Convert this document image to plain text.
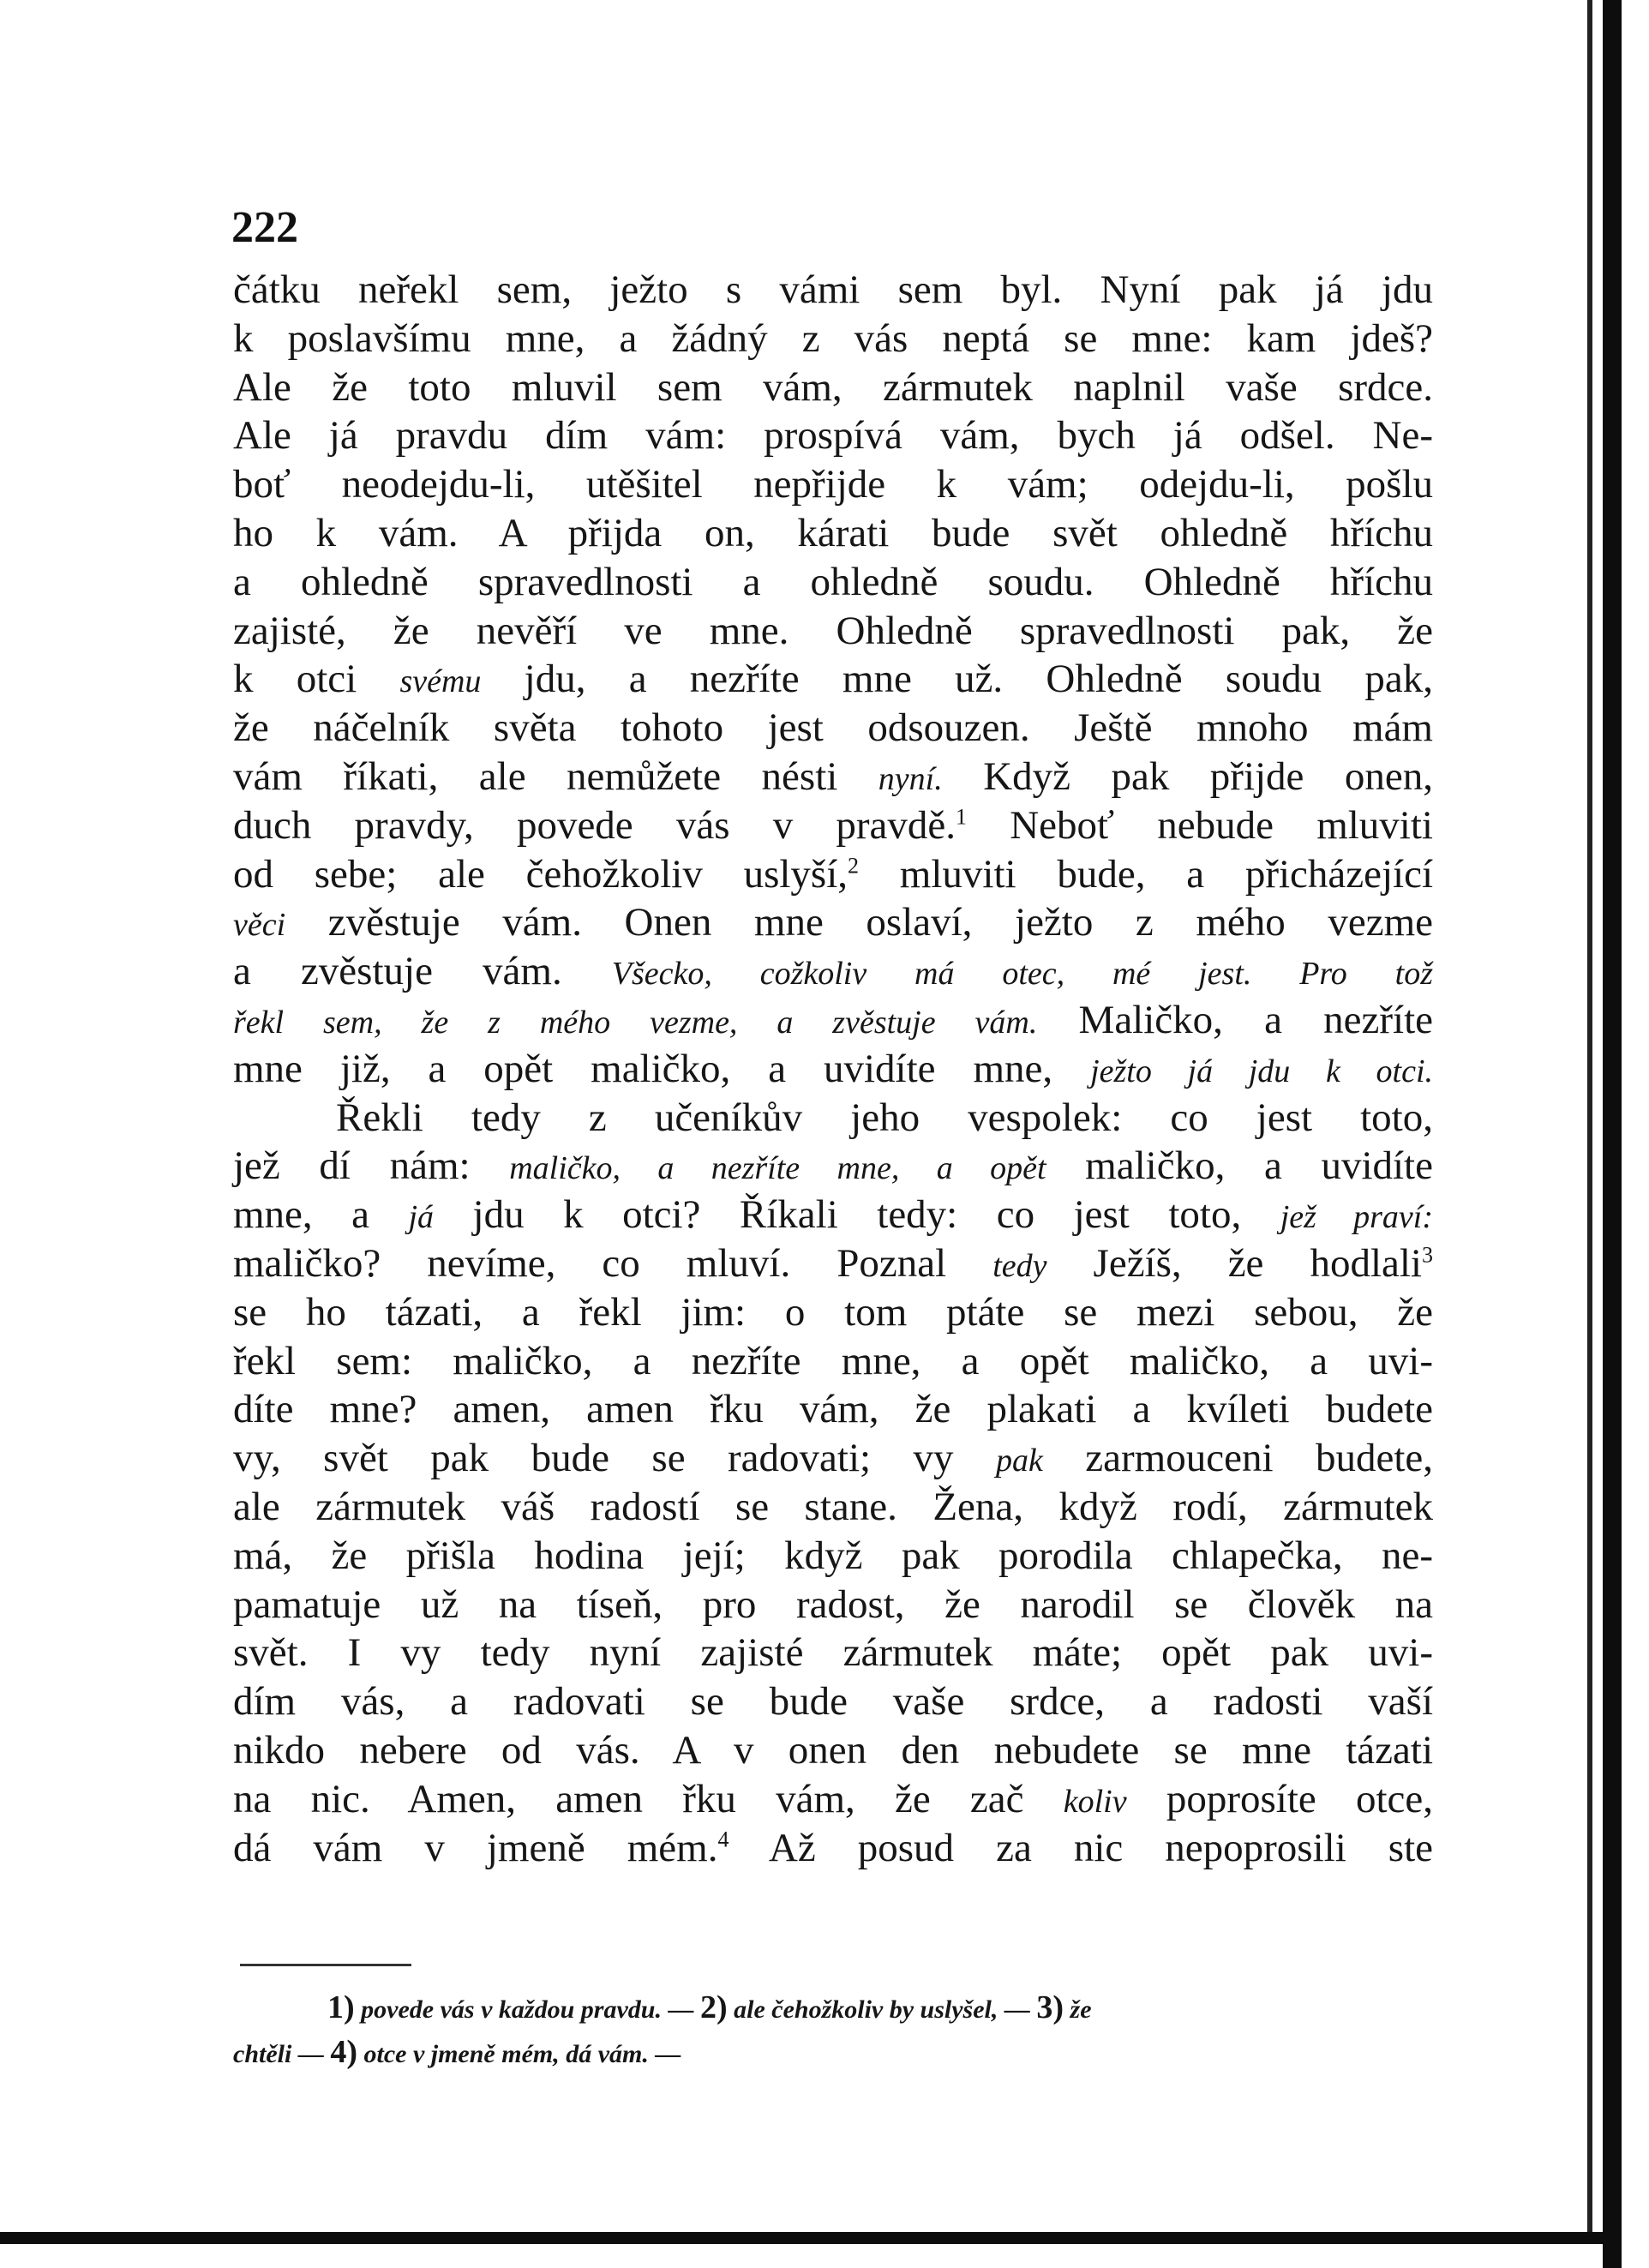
222
čátku neřekl sem, ježto s vámi sem byl. Nyní pak já jdu
k poslavšímu mne, a žádný z vás neptá se mne: kam jdeš?
Ale že toto mluvil sem vám, zármutek naplnil vaše srdce.
Ale já pravdu dím vám: prospívá vám, bych já odšel. Ne-
boť neodejdu-li, utěšitel nepřijde k vám; odejdu-li, pošlu
ho k vám. A přijda on, kárati bude svět ohledně hříchu
a ohledně spravedlnosti a ohledně soudu. Ohledně hříchu
zajisté, že nevěří ve mne. Ohledně spravedlnosti pak, že
k otci svému jdu, a nezříte mne už. Ohledně soudu pak,
že náčelník světa tohoto jest odsouzen. Ještě mnoho mám
vám říkati, ale nemůžete nésti nyní. Když pak přijde onen,
duch pravdy, povede vás v pravdě.$^1$ Neboť nebude mluviti
od sebe; ale čehožkoliv uslyší,$^2$ mluviti bude, a přicházející
věci zvěstuje vám. Onen mne oslaví, ježto z mého vezme
a zvěstuje vám. Všecko, cožkoliv má otec, mé jest. Pro tož
řekl sem, že z mého vezme, a zvěstuje vám. Maličko, a nezříte
mne již, a opět maličko, a uvidíte mne, ježto já jdu k otci.
Řekli tedy z učeníkův jeho vespolek: co jest toto,
jež dí nám: maličko, a nezříte mne, a opět maličko, a uvidíte
mne, a já jdu k otci? Říkali tedy: co jest toto, jež praví:
maličko? nevíme, co mluví. Poznal tedy Ježíš, že hodlali$^3$
se ho tázati, a řekl jim: o tom ptáte se mezi sebou, že
řekl sem: maličko, a nezříte mne, a opět maličko, a uvi-
díte mne? amen, amen řku vám, že plakati a kvíleti budete
vy, svět pak bude se radovati; vy pak zarmouceni budete,
ale zármutek váš radostí se stane. Žena, když rodí, zármutek
má, že přišla hodina její; když pak porodila chlapečka, ne-
pamatuje už na tíseň, pro radost, že narodil se člověk na
svět. I vy tedy nyní zajisté zármutek máte; opět pak uvi-
dím vás, a radovati se bude vaše srdce, a radosti vaší
nikdo nebere od vás. A v onen den nebudete se mne tázati
na nic. Amen, amen řku vám, že zač koliv poprosíte otce,
dá vám v jmeně mém.$^4$ Až posud za nic nepoprosili ste
1) povede vás v každou pravdu. — 2) ale čehožkoliv by uslyšel, — 3) že
chtěli — 4) otce v jmeně mém, dá vám. —
